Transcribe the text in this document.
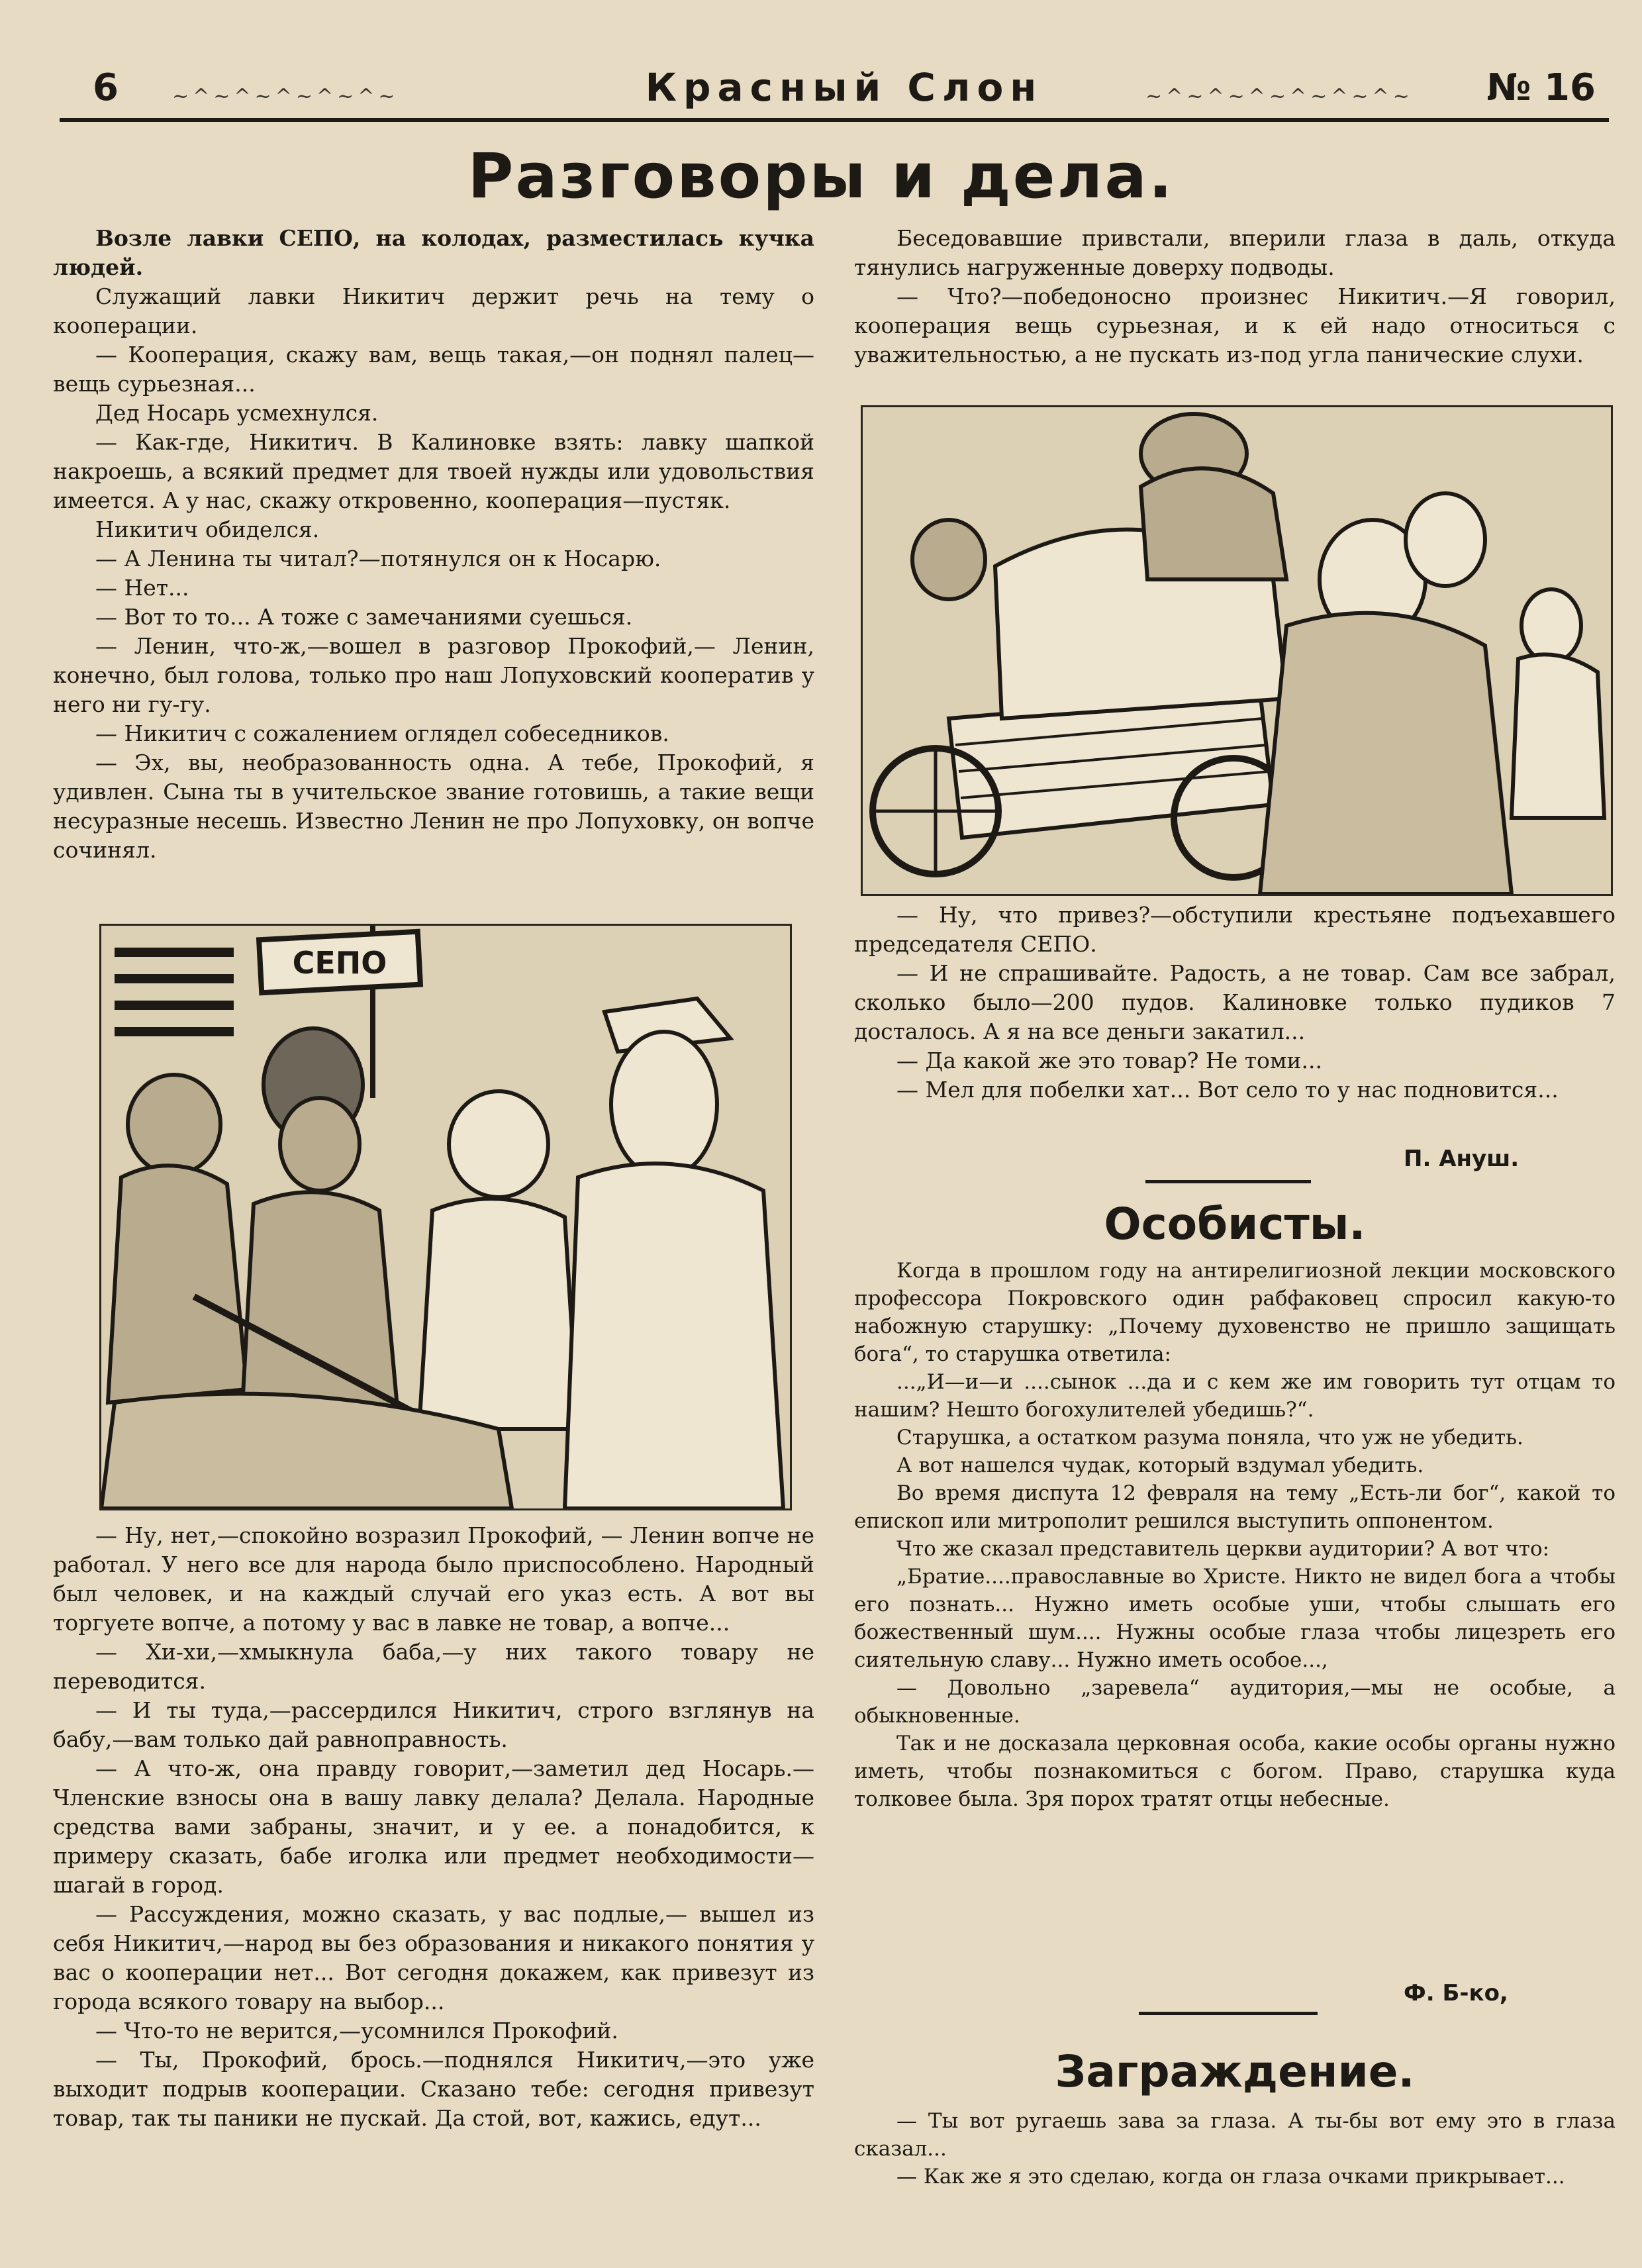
6	~^~^~^~^~^~	Красный Слон	~^~^~^~^~^~^~ № 16
Разговоры и дела.

Возле лавки СЕПО, на колодах, разместилась кучка людей.

Служащий лавки Никитич держит речь на тему о кооперации.

— Кооперация, скажу вам, вещь такая,—он поднял палец—вещь сурьезная...

Дед Носарь усмехнулся.

— Как-где, Никитич. В Калиновке взять: лавку шапкой накроешь, а всякий предмет для твоей нужды или удовольствия имеется. А у нас, скажу откровенно, кооперация—пустяк.

Никитич обиделся.

— А Ленина ты читал?—потянулся он к Носарю.

— Нет...

— Вот то то... А тоже с замечаниями суешься.

— Ленин, что-ж,—вошел в разговор Прокофий,— Ленин, конечно, был голова, только про наш Лопуховский кооператив у него ни гу-гу.

— Никитич с сожалением оглядел собеседников.

— Эх, вы, необразованность одна. А тебе, Прокофий, я удивлен. Сына ты в учительское звание готовишь, а такие вещи несуразные несешь. Известно Ленин не про Лопуховку, он вопче сочинял.

СЕПО

— Ну, нет,—спокойно возразил Прокофий, — Ленин вопче не работал. У него все для народа было приспособлено. Народный был человек, и на каждый случай его указ есть. А вот вы торгуете вопче, а потому у вас в лавке не товар, а вопче...

— Хи-хи,—хмыкнула баба,—у них такого товару не переводится.

— И ты туда,—рассердился Никитич, строго взглянув на бабу,—вам только дай равноправность.

— А что-ж, она правду говорит,—заметил дед Носарь.—Членские взносы она в вашу лавку делала? Делала. Народные средства вами забраны, значит, и у ее. а понадобится, к примеру сказать, бабе иголка или предмет необходимости—шагай в город.

— Рассуждения, можно сказать, у вас подлые,— вышел из себя Никитич,—народ вы без образования и никакого понятия у вас о кооперации нет... Вот сегодня докажем, как привезут из города всякого товару на выбор...

— Что-то не верится,—усомнился Прокофий.

— Ты, Прокофий, брось.—поднялся Никитич,—это уже выходит подрыв кооперации. Сказано тебе: сегодня привезут товар, так ты паники не пускай. Да стой, вот, кажись, едут...

Беседовавшие привстали, вперили глаза в даль, откуда тянулись нагруженные доверху подводы.

— Что?—победоносно произнес Никитич.—Я говорил, кооперация вещь сурьезная, и к ей надо относиться с уважительностью, а не пускать из-под угла панические слухи.

— Ну, что привез?—обступили крестьяне подъехавшего председателя СЕПО.

— И не спрашивайте. Радость, а не товар. Сам все забрал, сколько было—200 пудов. Калиновке только пудиков 7 досталось. А я на все деньги закатил...

— Да какой же это товар? Не томи...

— Мел для побелки хат... Вот село то у нас подновится...

П. Ануш.
Особисты.

Когда в прошлом году на антирелигиозной лекции московского профессора Покровского один рабфаковец спросил какую-то набожную старушку: „Почему духовенство не пришло защищать бога“, то старушка ответила:

...„И—и—и ....сынок ...да и с кем же им говорить тут отцам то нашим? Нешто богохулителей убедишь?“.

Старушка, а остатком разума поняла, что уж не убедить.

А вот нашелся чудак, который вздумал убедить.

Во время диспута 12 февраля на тему „Есть-ли бог“, какой то епископ или митрополит решился выступить оппонентом.

Что же сказал представитель церкви аудитории? А вот что:

„Братие....православные во Христе. Никто не видел бога а чтобы его познать... Нужно иметь особые уши, чтобы слышать его божественный шум.... Нужны особые глаза чтобы лицезреть его сиятельную славу... Нужно иметь особое...,

— Довольно „заревела“ аудитория,—мы не особые, а обыкновенные.

Так и не досказала церковная особа, какие особы органы нужно иметь, чтобы познакомиться с богом. Право, старушка куда толковее была. Зря порох тратят отцы небесные.

Ф. Б-ко,
Заграждение.

— Ты вот ругаешь зава за глаза. А ты-бы вот ему это в глаза сказал...

— Как же я это сделаю, когда он глаза очками прикрывает...
